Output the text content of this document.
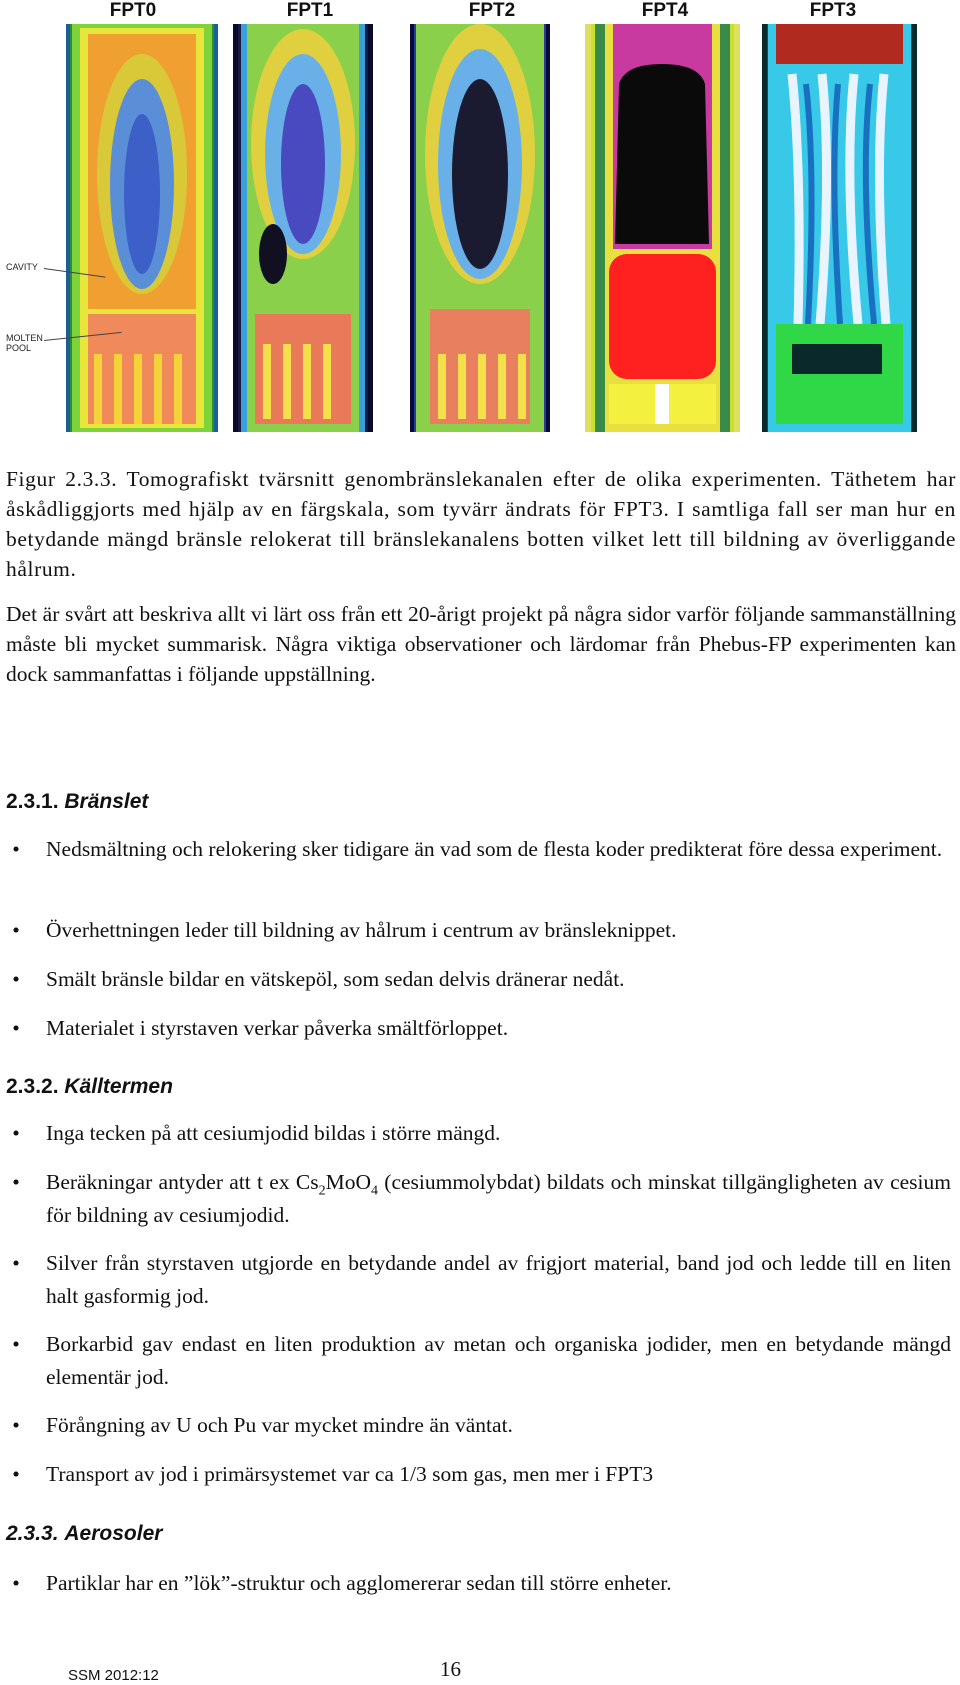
FPT0	FPT1	FPT2	FPT4	FPT3
CAVITY
MOLTEN
POOL

Figur 2.3.3. Tomografiskt tvärsnitt genombränslekanalen efter de olika experimenten. Täthetem har åskådliggjorts med hjälp av en färgskala, som tyvärr ändrats för FPT3. I samtliga fall ser man hur en betydande mängd bränsle relokerat till bränslekanalens botten vilket lett till bildning av överliggande hålrum.

Det är svårt att beskriva allt vi lärt oss från ett 20-årigt projekt på några sidor varför följande sammanställning måste bli mycket summarisk. Några viktiga observationer och lärdomar från Phebus-FP experimenten kan dock sammanfattas i följande uppställning.

2.3.1. Bränslet
• Nedsmältning och relokering sker tidigare än vad som de flesta koder predikterat före dessa experiment.
• Överhettningen leder till bildning av hålrum i centrum av bränsleknippet.
• Smält bränsle bildar en vätskepöl, som sedan delvis dränerar nedåt.
• Materialet i styrstaven verkar påverka smältförloppet.
2.3.2. Källtermen
• Inga tecken på att cesiumjodid bildas i större mängd.
• Beräkningar antyder att t ex $Cs_2MoO_4$ (cesiummolybdat) bildats och minskat tillgängligheten av cesium för bildning av cesiumjodid.
• Silver från styrstaven utgjorde en betydande andel av frigjort material, band jod och ledde till en liten halt gasformig jod.
• Borkarbid gav endast en liten produktion av metan och organiska jodider, men en betydande mängd elementär jod.
• Förångning av U och Pu var mycket mindre än väntat.
• Transport av jod i primärsystemet var ca 1/3 som gas, men mer i FPT3
2.3.3. Aerosoler
• Partiklar har en ”lök”-struktur och agglomererar sedan till större enheter.
SSM 2012:12	16
